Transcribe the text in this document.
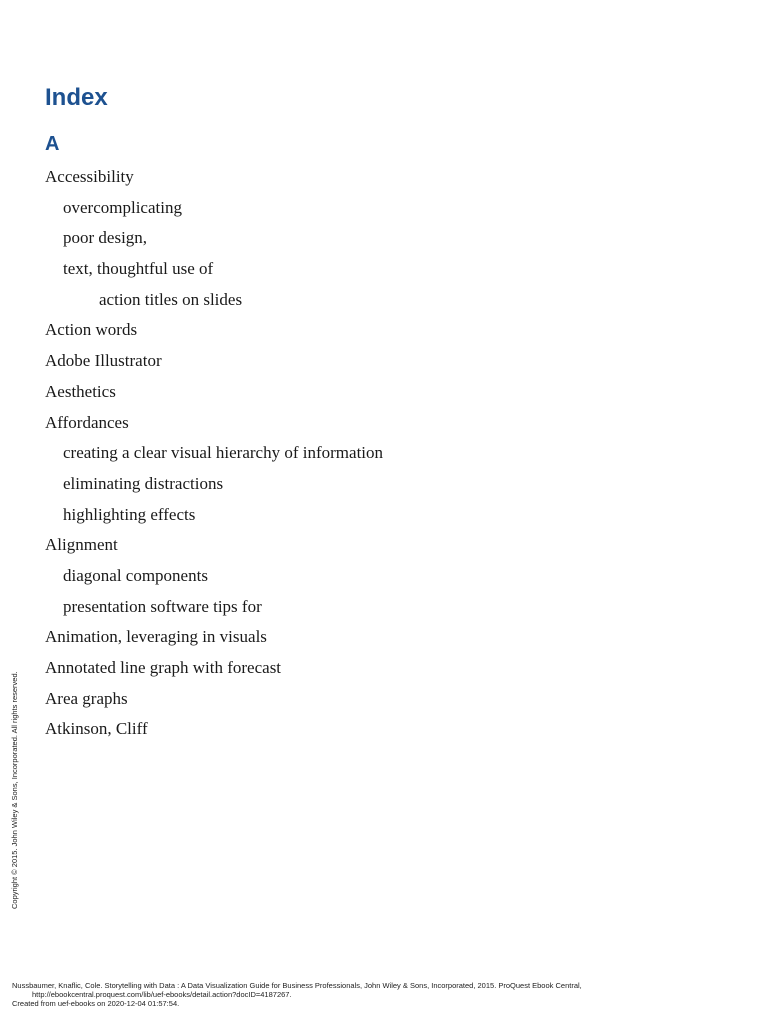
Index
A
Accessibility
overcomplicating
poor design,
text, thoughtful use of
action titles on slides
Action words
Adobe Illustrator
Aesthetics
Affordances
creating a clear visual hierarchy of information
eliminating distractions
highlighting effects
Alignment
diagonal components
presentation software tips for
Animation, leveraging in visuals
Annotated line graph with forecast
Area graphs
Atkinson, Cliff
Copyright © 2015. John Wiley & Sons, Incorporated. All rights reserved.
Nussbaumer, Knaflic, Cole. Storytelling with Data : A Data Visualization Guide for Business Professionals, John Wiley & Sons, Incorporated, 2015. ProQuest Ebook Central,
http://ebookcentral.proquest.com/lib/uef-ebooks/detail.action?docID=4187267.
Created from uef-ebooks on 2020-12-04 01:57:54.
